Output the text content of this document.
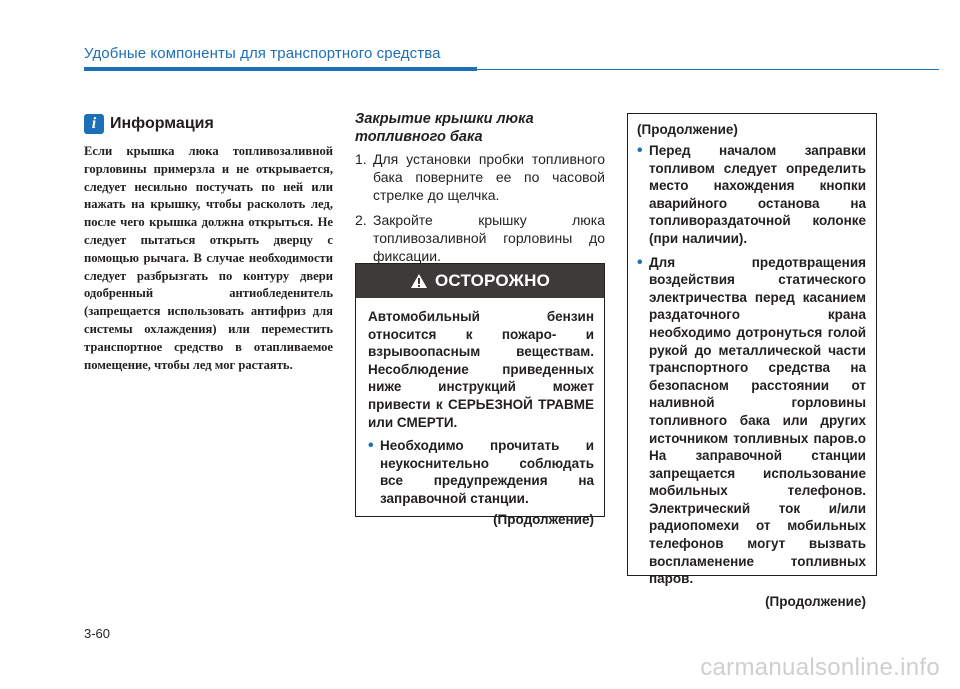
Удобные компоненты для транспортного средства
i Информация
Если крышка люка топливозаливной горловины примерзла и не открывается, следует несильно постучать по ней или нажать на крышку, чтобы расколоть лед, после чего крышка должна открыться. Не следует пытаться открыть дверцу с помощью рычага. В случае необходимости следует разбрызгать по контуру двери одобренный антиобледенитель (запрещается использовать антифриз для системы охлаждения) или переместить транспортное средство в отапливаемое помещение, чтобы лед мог растаять.
Закрытие крышки люка топливного бака
1. Для установки пробки топливного бака поверните ее по часовой стрелке до щелчка.
2. Закройте крышку люка топливозаливной горловины до фиксации.
ОСТОРОЖНО
Автомобильный бензин относится к пожаро- и взрывоопасным веществам. Несоблюдение приведенных ниже инструкций может привести к СЕРЬЕЗНОЙ ТРАВМЕ или СМЕРТИ.
• Необходимо прочитать и неукоснительно соблюдать все предупреждения на заправочной станции.
(Продолжение)
(Продолжение)
• Перед началом заправки топливом следует определить место нахождения кнопки аварийного останова на топливораздаточной колонке (при наличии).
• Для предотвращения воздействия статического электричества перед касанием раздаточного крана необходимо дотронуться голой рукой до металлической части транспортного средства на безопасном расстоянии от наливной горловины топливного бака или других источником топливных паров.о На заправочной станции запрещается использование мобильных телефонов. Электрический ток и/или радиопомехи от мобильных телефонов могут вызвать воспламенение топливных паров.
(Продолжение)
3-60
carmanualsonline.info
